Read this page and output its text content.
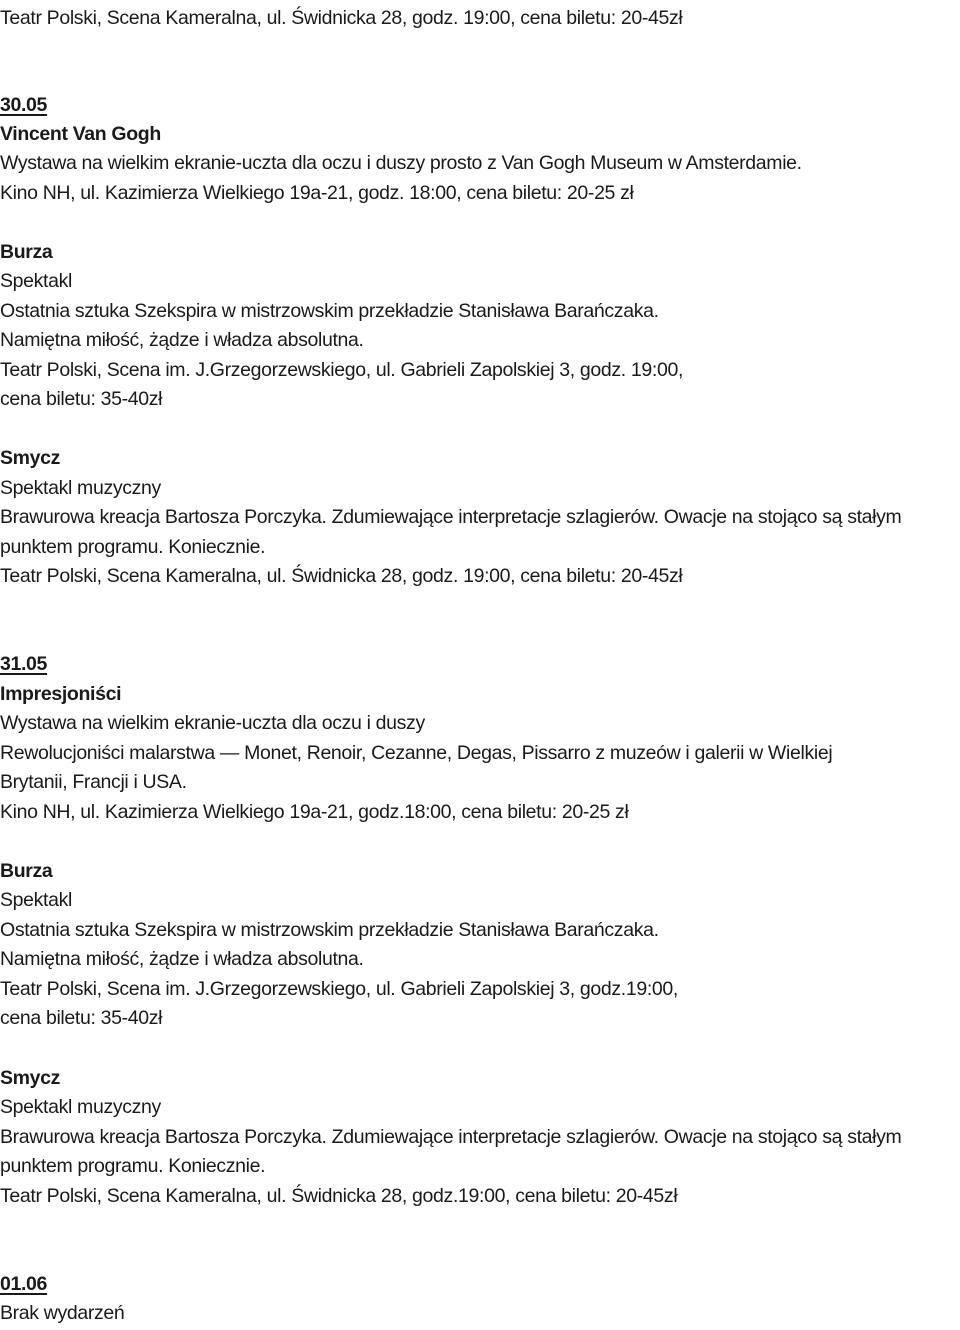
Teatr Polski, Scena Kameralna, ul. Świdnicka 28, godz. 19:00, cena biletu: 20-45zł
30.05
Vincent Van Gogh
Wystawa na wielkim ekranie-uczta dla oczu i duszy prosto z Van Gogh Museum w Amsterdamie.
Kino NH, ul. Kazimierza Wielkiego 19a-21, godz. 18:00, cena biletu: 20-25 zł
Burza
Spektakl
Ostatnia sztuka Szekspira w mistrzowskim przekładzie Stanisława Barańczaka.
Namiętna miłość, żądze i władza absolutna.
Teatr Polski, Scena im. J.Grzegorzewskiego, ul. Gabrieli Zapolskiej 3, godz. 19:00,
cena biletu: 35-40zł
Smycz
Spektakl muzyczny
Brawurowa kreacja Bartosza Porczyka. Zdumiewające interpretacje szlagierów. Owacje na stojąco są stałym
punktem programu. Koniecznie.
Teatr Polski, Scena Kameralna, ul. Świdnicka 28, godz. 19:00, cena biletu: 20-45zł
31.05
Impresjoniści
Wystawa na wielkim ekranie-uczta dla oczu i duszy
Rewolucjoniści malarstwa — Monet, Renoir, Cezanne, Degas, Pissarro z muzeów i galerii w Wielkiej
Brytanii, Francji i USA.
Kino NH, ul. Kazimierza Wielkiego 19a-21, godz.18:00, cena biletu: 20-25 zł
Burza
Spektakl
Ostatnia sztuka Szekspira w mistrzowskim przekładzie Stanisława Barańczaka.
Namiętna miłość, żądze i władza absolutna.
Teatr Polski, Scena im. J.Grzegorzewskiego, ul. Gabrieli Zapolskiej 3, godz.19:00,
cena biletu: 35-40zł
Smycz
Spektakl muzyczny
Brawurowa kreacja Bartosza Porczyka. Zdumiewające interpretacje szlagierów. Owacje na stojąco są stałym
punktem programu. Koniecznie.
Teatr Polski, Scena Kameralna, ul. Świdnicka 28, godz.19:00, cena biletu: 20-45zł
01.06
Brak wydarzeń
